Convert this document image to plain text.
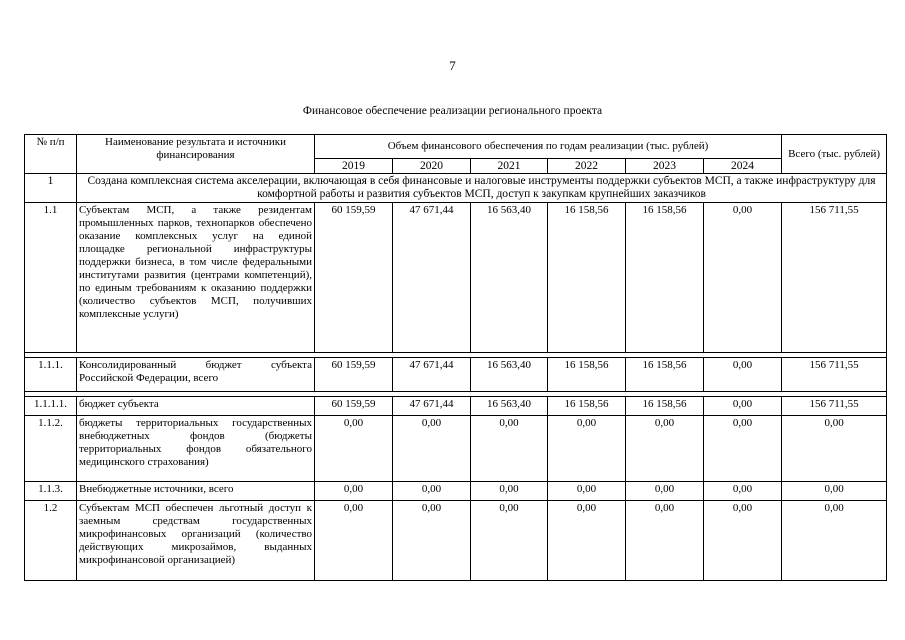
7
Финансовое обеспечение реализации регионального проекта
№ п/п	Наименование результата и источники финансирования	Объем финансового обеспечения по годам реализации (тыс. рублей)						Всего (тыс. рублей)
		2019	2020	2021	2022	2023	2024	
1	Создана комплексная система акселерации, включающая в себя финансовые и налоговые инструменты поддержки субъектов МСП, а также инфраструктуру для комфортной работы и развития субъектов МСП, доступ к закупкам крупнейших заказчиков							
1.1	Субъектам МСП, а также резидентам промышленных парков, технопарков обеспечено оказание комплексных услуг на единой площадке региональной инфраструктуры поддержки бизнеса, в том числе федеральными институтами развития (центрами компетенций), по единым требованиям к оказанию поддержки (количество субъектов МСП, получивших комплексные услуги)	60 159,59	47 671,44	16 563,40	16 158,56	16 158,56	0,00	156 711,55

1.1.1.	Консолидированный бюджет субъекта Российской Федерации, всего	60 159,59	47 671,44	16 563,40	16 158,56	16 158,56	0,00	156 711,55

1.1.1.1.	бюджет субъекта	60 159,59	47 671,44	16 563,40	16 158,56	16 158,56	0,00	156 711,55
1.1.2.	бюджеты территориальных государственных внебюджетных фондов (бюджеты территориальных фондов обязательного медицинского страхования)	0,00	0,00	0,00	0,00	0,00	0,00	0,00
1.1.3.	Внебюджетные источники, всего	0,00	0,00	0,00	0,00	0,00	0,00	0,00
1.2	Субъектам МСП обеспечен льготный доступ к заемным средствам государственных микрофинансовых организаций (количество действующих микрозаймов, выданных микрофинансовой организацией)	0,00	0,00	0,00	0,00	0,00	0,00	0,00
